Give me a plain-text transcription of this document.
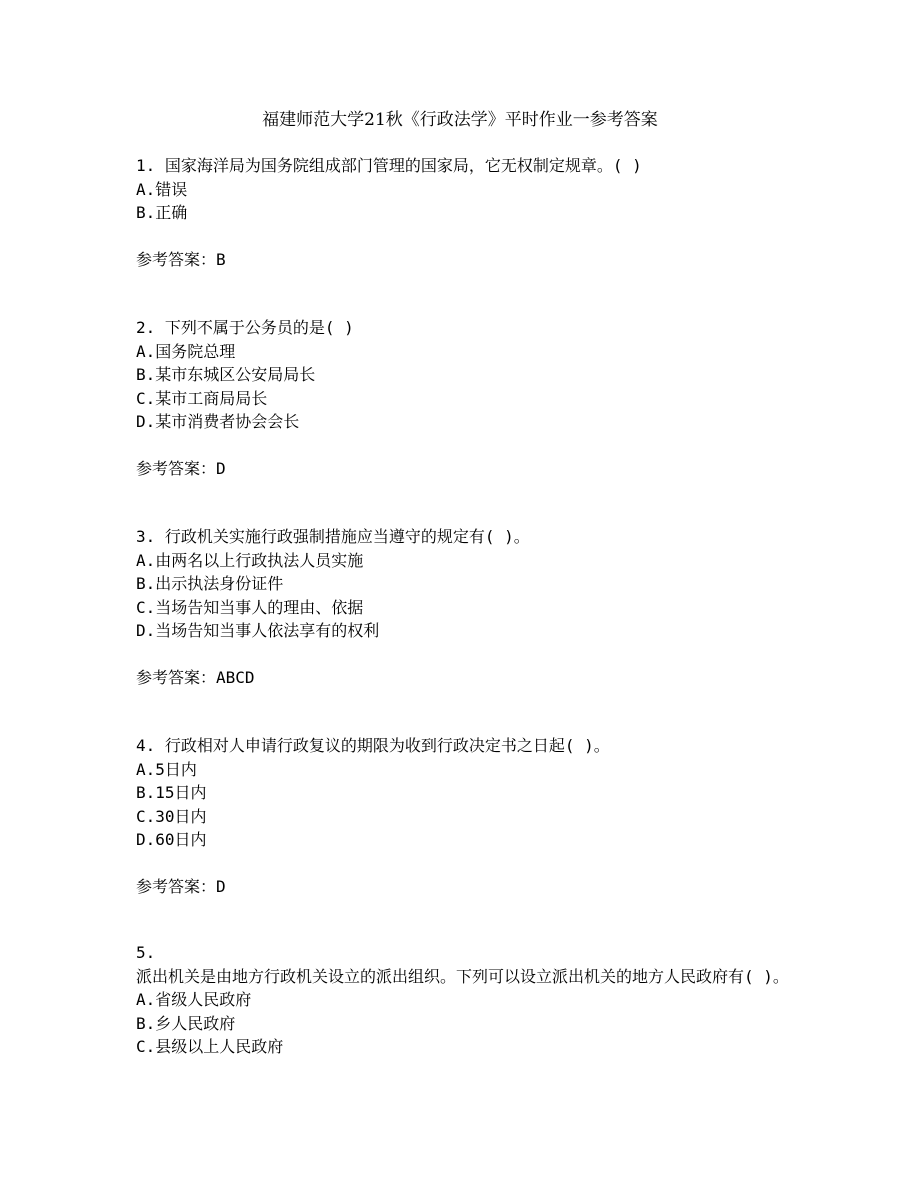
福建师范大学21秋《行政法学》平时作业一参考答案
1. 国家海洋局为国务院组成部门管理的国家局，它无权制定规章。( )
A.错误
B.正确
参考答案：B
2. 下列不属于公务员的是( )
A.国务院总理
B.某市东城区公安局局长
C.某市工商局局长
D.某市消费者协会会长
参考答案：D
3. 行政机关实施行政强制措施应当遵守的规定有( )。
A.由两名以上行政执法人员实施
B.出示执法身份证件
C.当场告知当事人的理由、依据
D.当场告知当事人依法享有的权利
参考答案：ABCD
4. 行政相对人申请行政复议的期限为收到行政决定书之日起( )。
A.5日内
B.15日内
C.30日内
D.60日内
参考答案：D
5.
派出机关是由地方行政机关设立的派出组织。下列可以设立派出机关的地方人民政府有( )。
A.省级人民政府
B.乡人民政府
C.县级以上人民政府
